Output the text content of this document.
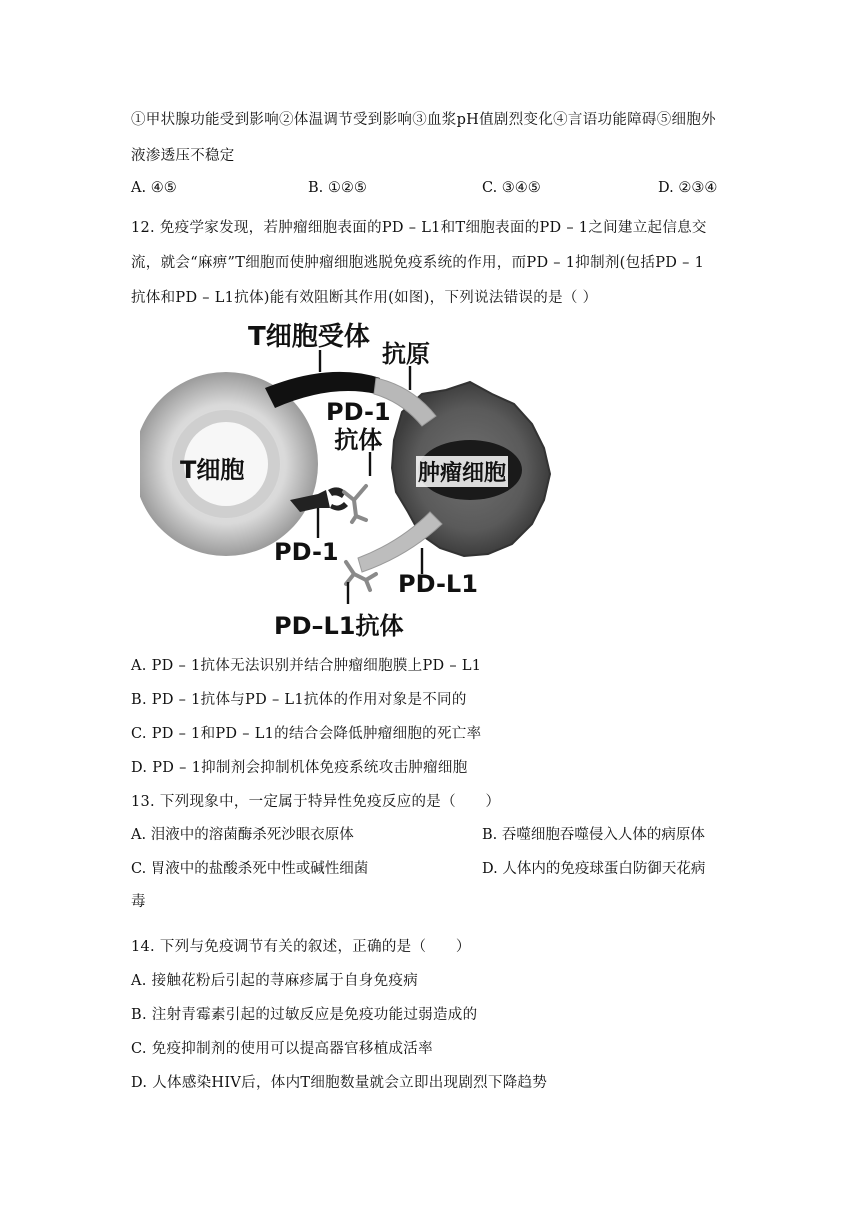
①甲状腺功能受到影响②体温调节受到影响③血浆pH值剧烈变化④言语功能障碍⑤细胞外
液渗透压不稳定
A. ④⑤	B. ①②⑤	C. ③④⑤	D. ②③④
12. 免疫学家发现，若肿瘤细胞表面的PD – L1和T细胞表面的PD – 1之间建立起信息交
流，就会“麻痹”T细胞而使肿瘤细胞逃脱免疫系统的作用，而PD – 1抑制剂(包括PD – 1
抗体和PD – L1抗体)能有效阻断其作用(如图)，下列说法错误的是（ ）
T细胞受体
抗原
PD-1
抗体
T细胞	肿瘤细胞
PD-1
PD-L1
PD–L1抗体
A. PD – 1抗体无法识别并结合肿瘤细胞膜上PD – L1
B. PD – 1抗体与PD – L1抗体的作用对象是不同的
C. PD – 1和PD – L1的结合会降低肿瘤细胞的死亡率
D. PD – 1抑制剂会抑制机体免疫系统攻击肿瘤细胞
13. 下列现象中，一定属于特异性免疫反应的是（　　）
A. 泪液中的溶菌酶杀死沙眼衣原体	B. 吞噬细胞吞噬侵入人体的病原体
C. 胃液中的盐酸杀死中性或碱性细菌	D. 人体内的免疫球蛋白防御天花病
毒
14. 下列与免疫调节有关的叙述，正确的是（　　）
A. 接触花粉后引起的荨麻疹属于自身免疫病
B. 注射青霉素引起的过敏反应是免疫功能过弱造成的
C. 免疫抑制剂的使用可以提高器官移植成活率
D. 人体感染HIV后，体内T细胞数量就会立即出现剧烈下降趋势
